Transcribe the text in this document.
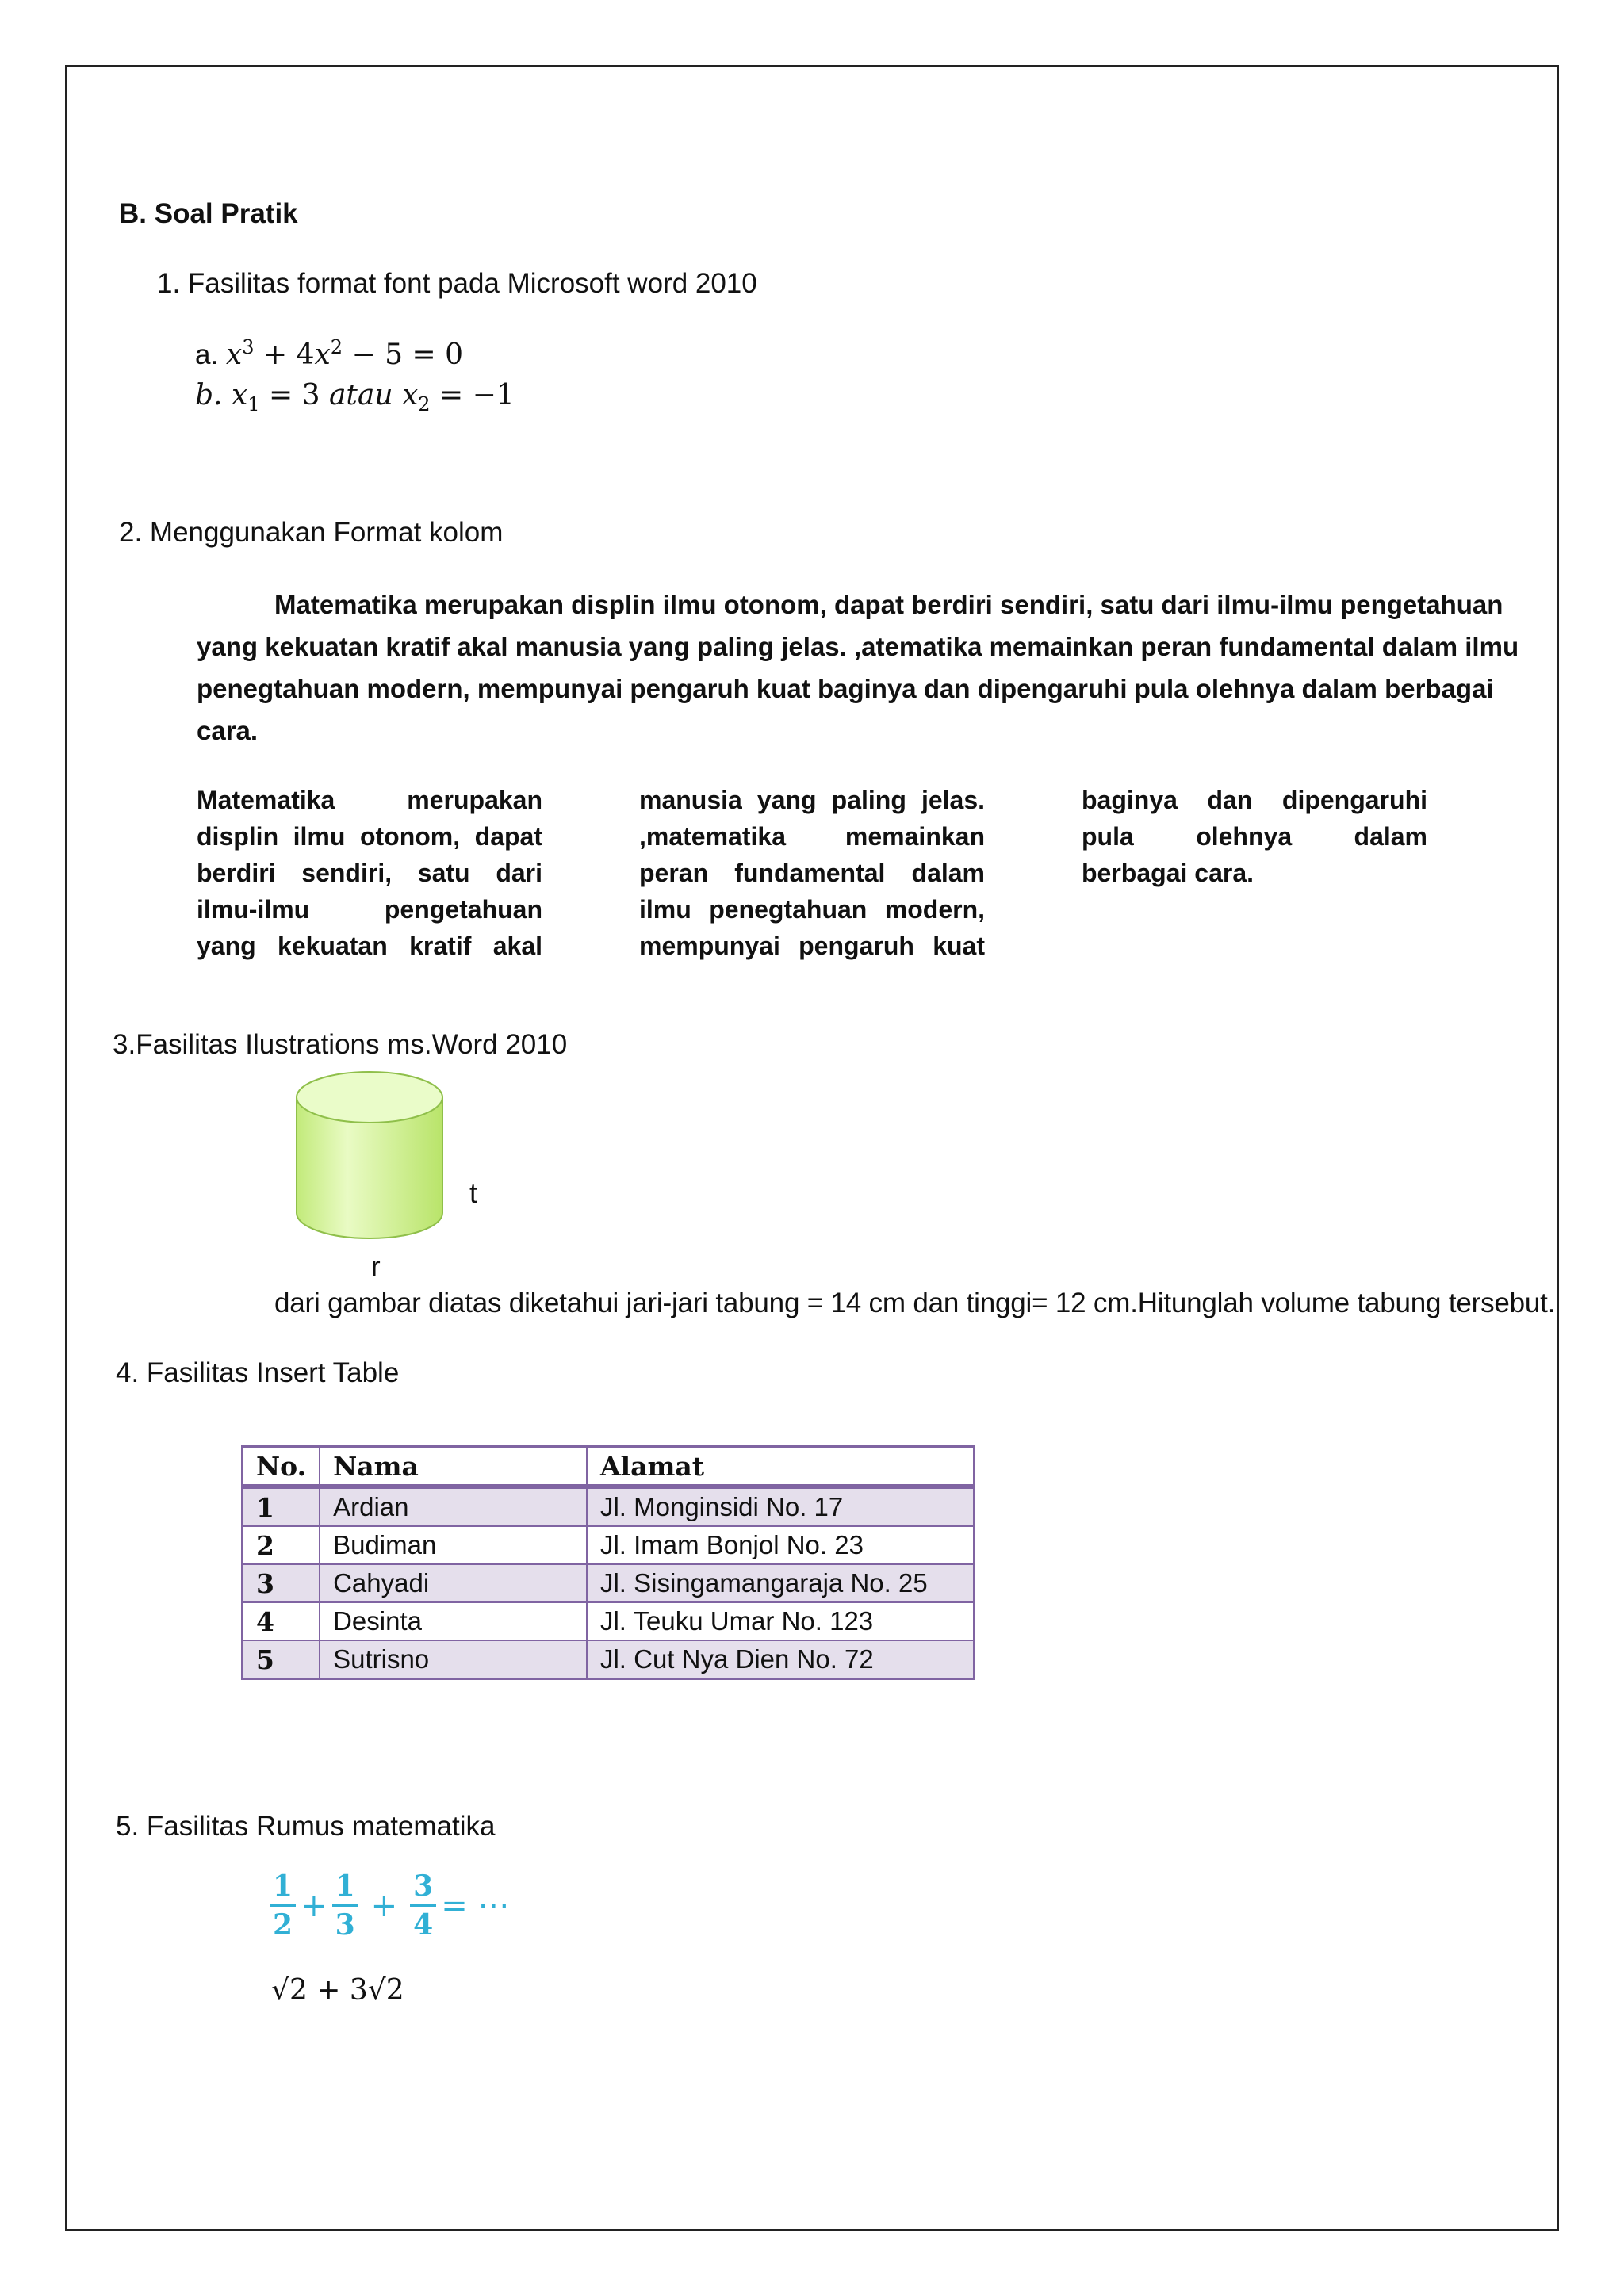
B. Soal Pratik
1. Fasilitas format font pada Microsoft word 2010
a. $x^3 + 4x^2 - 5 = 0$
b. $x_1 = 3$ atau $x_2 = -1$
2. Menggunakan Format kolom
Matematika merupakan displin ilmu otonom, dapat berdiri sendiri, satu dari ilmu-ilmu pengetahuan
yang kekuatan kratif akal manusia yang paling jelas. ,atematika memainkan peran fundamental dalam ilmu
penegtahuan modern, mempunyai pengaruh kuat baginya dan dipengaruhi pula olehnya dalam berbagai
cara.
Matematika merupakan
displin ilmu otonom, dapat
berdiri sendiri, satu dari
ilmu-ilmu pengetahuan
yang kekuatan kratif akal
manusia yang paling jelas.
,matematika memainkan
peran fundamental dalam
ilmu penegtahuan modern,
mempunyai pengaruh kuat
baginya dan dipengaruhi
pula olehnya dalam
berbagai cara.
3.Fasilitas Ilustrations ms.Word 2010
t
r
dari gambar diatas diketahui jari-jari tabung = 14 cm dan tinggi= 12 cm.Hitunglah volume tabung tersebut.
4. Fasilitas Insert Table
No.	Nama	Alamat
1	Ardian	Jl. Monginsidi No. 17
2	Budiman	Jl. Imam Bonjol No. 23
3	Cahyadi	Jl. Sisingamangaraja No. 25
4	Desinta	Jl. Teuku Umar No. 123
5	Sutrisno	Jl. Cut Nya Dien No. 72
5. Fasilitas Rumus matematika
$\frac{1}{2} + \frac{1}{3} + \frac{3}{4}$ = ⋯
√2 + 3√2
